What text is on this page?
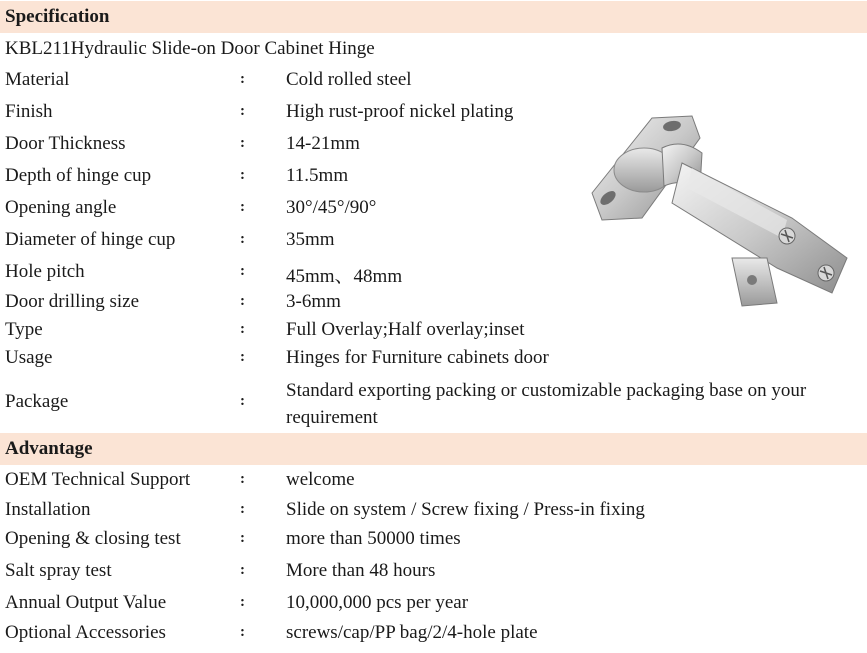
Specification
KBL211Hydraulic Slide-on Door Cabinet Hinge
Material	: Cold rolled steel
Finish	: High rust-proof nickel plating
Door Thickness	: 14-21mm
Depth of hinge cup	: 11.5mm
Opening angle	: 30°/45°/90°
Diameter of hinge cup	: 35mm
Hole pitch	: 45mm、48mm
Door drilling size	: 3-6mm
Type	: Full Overlay;Half overlay;inset
Usage	: Hinges for Furniture cabinets door
Package	: Standard exporting packing or customizable packaging base on your requirement
Advantage
OEM Technical Support	: welcome
Installation	: Slide on system / Screw fixing / Press-in fixing
Opening & closing test	: more than 50000 times
Salt spray test	: More than 48 hours
Annual Output Value	: 10,000,000 pcs per year
Optional Accessories	: screws/cap/PP bag/2/4-hole plate
